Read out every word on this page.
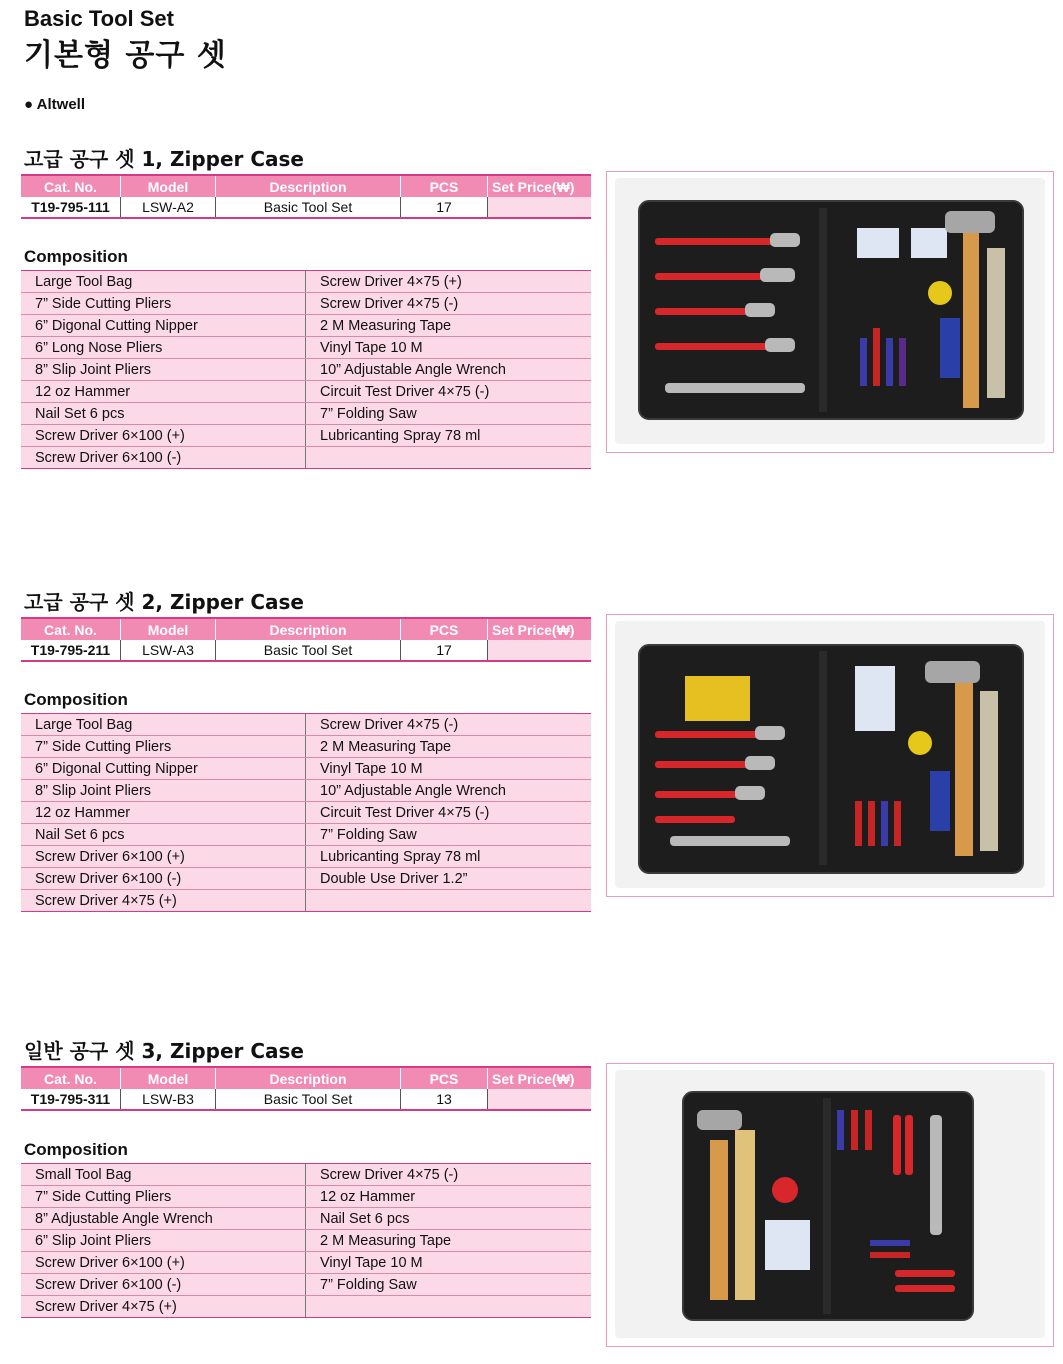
Basic Tool Set
기본형 공구 셋
● Altwell
고급 공구 셋 1, Zipper Case
Cat. No.	Model	Description	PCS	Set Price(₩)
T19-795-111	LSW-A2	Basic Tool Set	17	
Composition
Large Tool Bag	Screw Driver 4×75 (+)
7” Side Cutting Pliers	Screw Driver 4×75 (-)
6” Digonal Cutting Nipper	2 M Measuring Tape
6” Long Nose Pliers	Vinyl Tape 10 M
8” Slip Joint Pliers	10” Adjustable Angle Wrench
12 oz Hammer	Circuit Test Driver 4×75 (-)
Nail Set 6 pcs	7” Folding Saw
Screw Driver 6×100 (+)	Lubricanting Spray 78 ml
Screw Driver 6×100 (-)	
고급 공구 셋 2, Zipper Case
Cat. No.	Model	Description	PCS	Set Price(₩)
T19-795-211	LSW-A3	Basic Tool Set	17	
Composition
Large Tool Bag	Screw Driver 4×75 (-)
7” Side Cutting Pliers	2 M Measuring Tape
6” Digonal Cutting Nipper	Vinyl Tape 10 M
8” Slip Joint Pliers	10” Adjustable Angle Wrench
12 oz Hammer	Circuit Test Driver 4×75 (-)
Nail Set 6 pcs	7” Folding Saw
Screw Driver 6×100 (+)	Lubricanting Spray 78 ml
Screw Driver 6×100 (-)	Double Use Driver 1.2”
Screw Driver 4×75 (+)	
일반 공구 셋 3, Zipper Case
Cat. No.	Model	Description	PCS	Set Price(₩)
T19-795-311	LSW-B3	Basic Tool Set	13	
Composition
Small Tool Bag	Screw Driver 4×75 (-)
7” Side Cutting Pliers	12 oz Hammer
8” Adjustable Angle Wrench	Nail Set 6 pcs
6” Slip Joint Pliers	2 M Measuring Tape
Screw Driver 6×100 (+)	Vinyl Tape 10 M
Screw Driver 6×100 (-)	7” Folding Saw
Screw Driver 4×75 (+)	
